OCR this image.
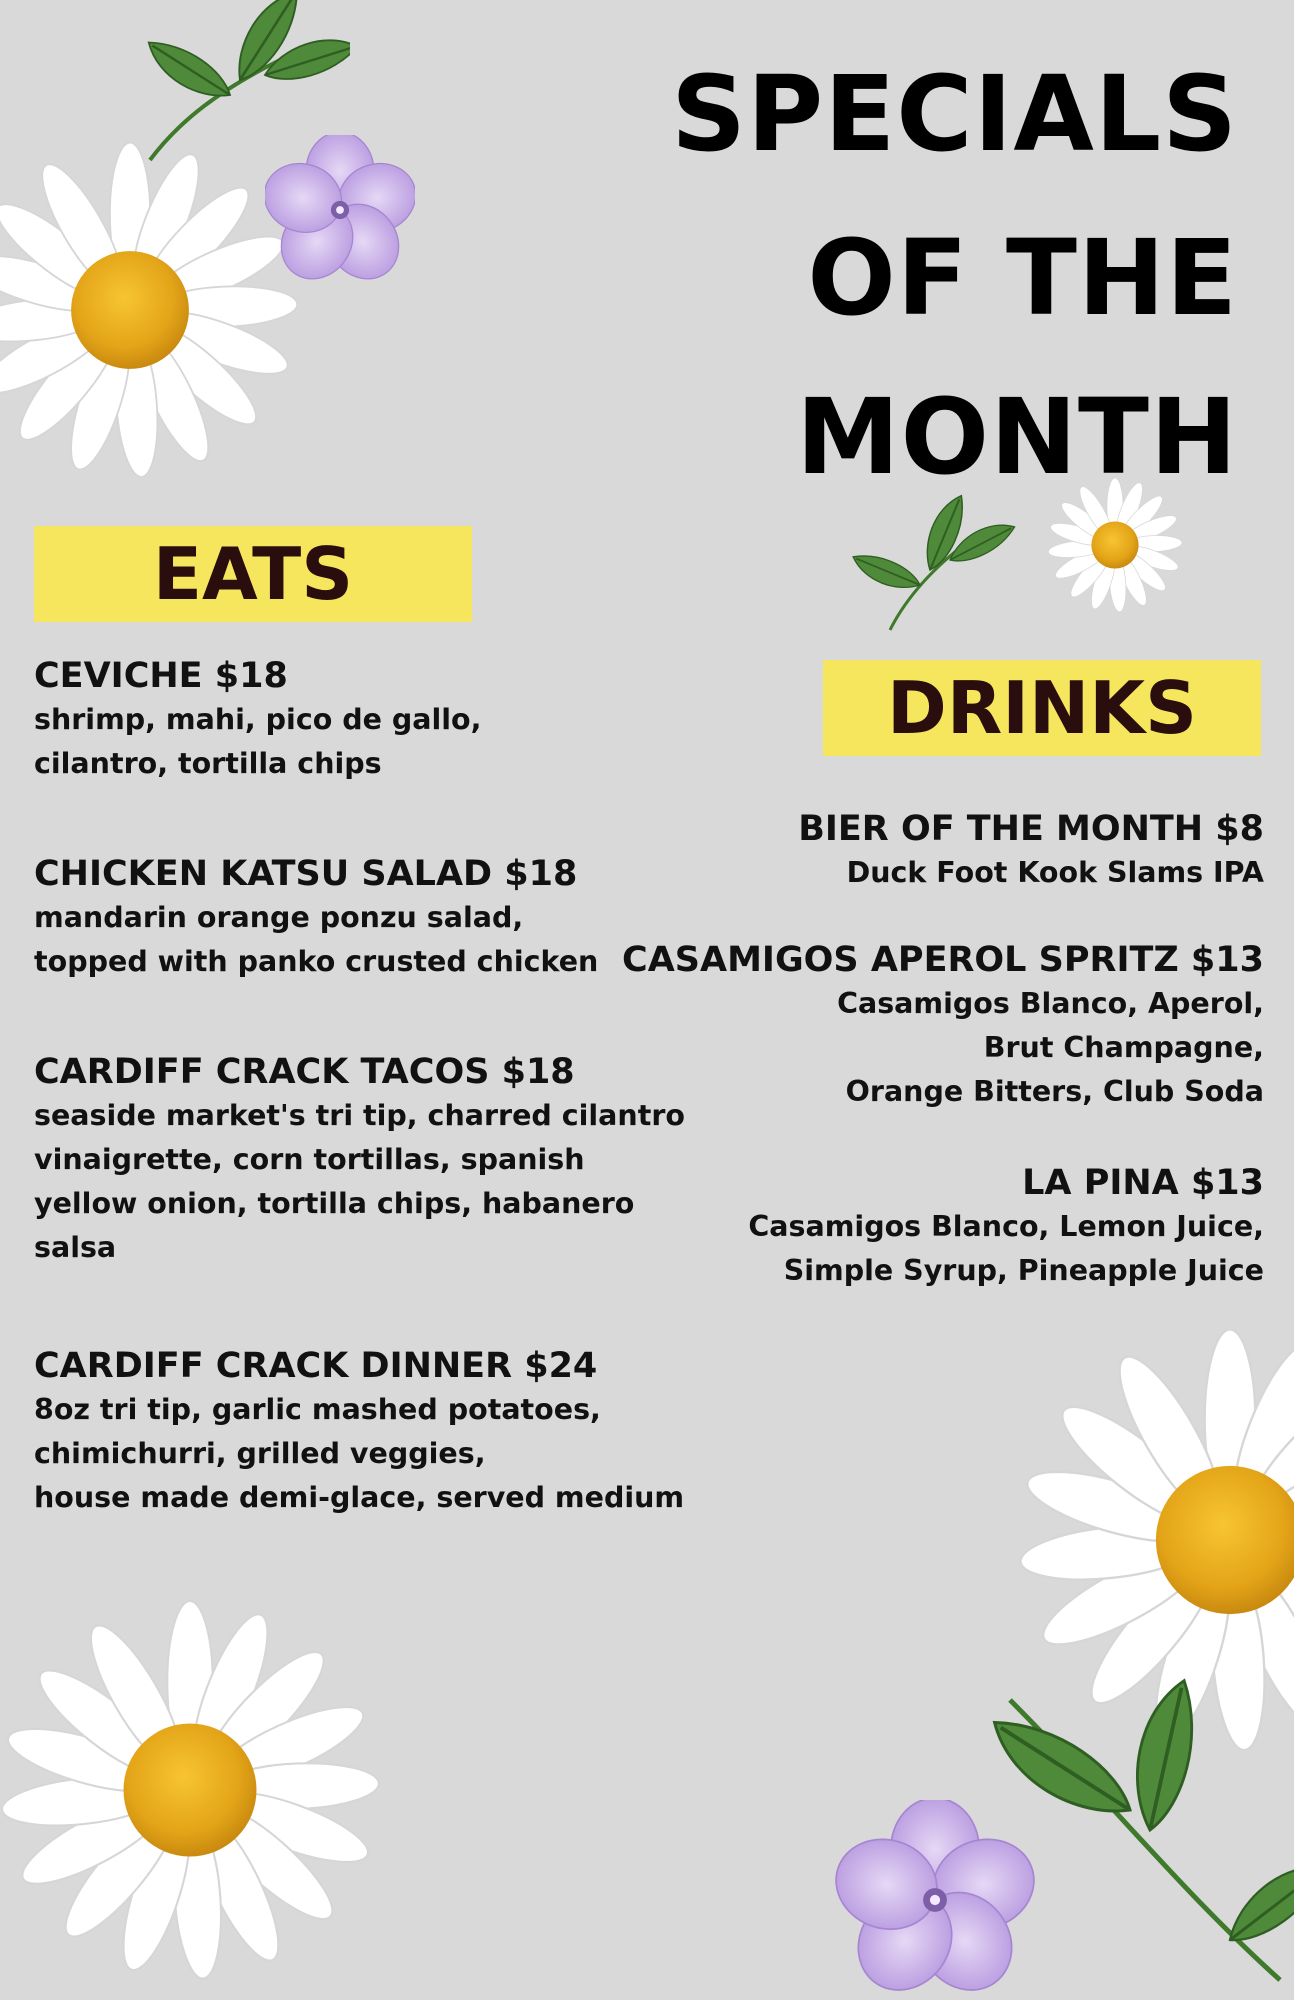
SPECIALS
OF THE
MONTH
EATS
DRINKS
CEVICHE $18

shrimp, mahi, pico de gallo,

cilantro, tortilla chips

CHICKEN KATSU SALAD $18

mandarin orange ponzu salad,

topped with panko crusted chicken

CARDIFF CRACK TACOS $18

seaside market's tri tip, charred cilantro

vinaigrette, corn tortillas, spanish

yellow onion, tortilla chips, habanero

salsa

CARDIFF CRACK DINNER $24

8oz tri tip, garlic mashed potatoes,

chimichurri, grilled veggies,

house made demi-glace, served medium

BIER OF THE MONTH $8

Duck Foot Kook Slams IPA

CASAMIGOS APEROL SPRITZ $13

Casamigos Blanco, Aperol,

Brut Champagne,

Orange Bitters, Club Soda

LA PINA $13

Casamigos Blanco, Lemon Juice,

Simple Syrup, Pineapple Juice
